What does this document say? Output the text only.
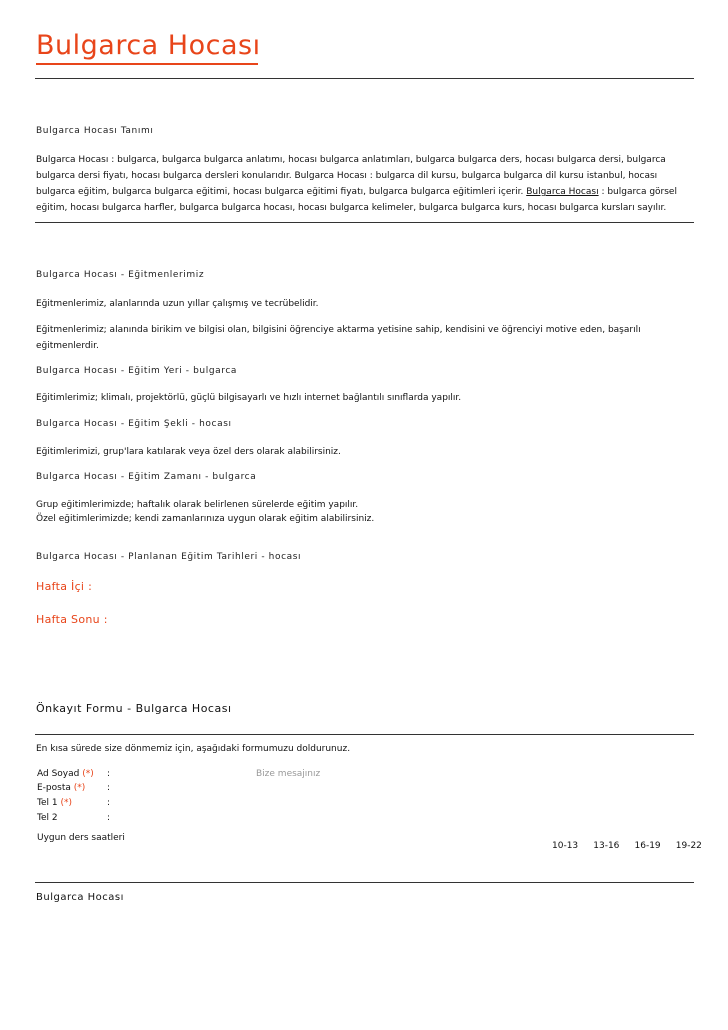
Bulgarca Hocası
Bulgarca Hocası Tanımı
Bulgarca Hocası : bulgarca, bulgarca bulgarca anlatımı, hocası bulgarca anlatımları, bulgarca bulgarca ders, hocası bulgarca dersi, bulgarca bulgarca dersi fiyatı, hocası bulgarca dersleri konularıdır. Bulgarca Hocası : bulgarca dil kursu, bulgarca bulgarca dil kursu istanbul, hocası bulgarca eğitim, bulgarca bulgarca eğitimi, hocası bulgarca eğitimi fiyatı, bulgarca bulgarca eğitimleri içerir. Bulgarca Hocası : bulgarca görsel eğitim, hocası bulgarca harfler, bulgarca bulgarca hocası, hocası bulgarca kelimeler, bulgarca bulgarca kurs, hocası bulgarca kursları sayılır.
Bulgarca Hocası - Eğitmenlerimiz
Eğitmenlerimiz, alanlarında uzun yıllar çalışmış ve tecrübelidir.
Eğitmenlerimiz; alanında birikim ve bilgisi olan, bilgisini öğrenciye aktarma yetisine sahip, kendisini ve öğrenciyi motive eden, başarılı eğitmenlerdir.
Bulgarca Hocası - Eğitim Yeri - bulgarca
Eğitimlerimiz; klimalı, projektörlü, güçlü bilgisayarlı ve hızlı internet bağlantılı sınıflarda yapılır.
Bulgarca Hocası - Eğitim Şekli - hocası
Eğitimlerimizi, grup'lara katılarak veya özel ders olarak alabilirsiniz.
Bulgarca Hocası - Eğitim Zamanı - bulgarca
Grup eğitimlerimizde; haftalık olarak belirlenen sürelerde eğitim yapılır.
Özel eğitimlerimizde; kendi zamanlarınıza uygun olarak eğitim alabilirsiniz.
Bulgarca Hocası - Planlanan Eğitim Tarihleri - hocası
Hafta İçi :
Hafta Sonu :
Önkayıt Formu - Bulgarca Hocası
En kısa sürede size dönmemiz için, aşağıdaki formumuzu doldurunuz.
Ad Soyad (*) :
E-posta (*) :
Tel 1 (*)	:
Tel 2	:
Bize mesajınız
Uygun ders saatleri
10-13 13-16 16-19 19-22
Bulgarca Hocası
